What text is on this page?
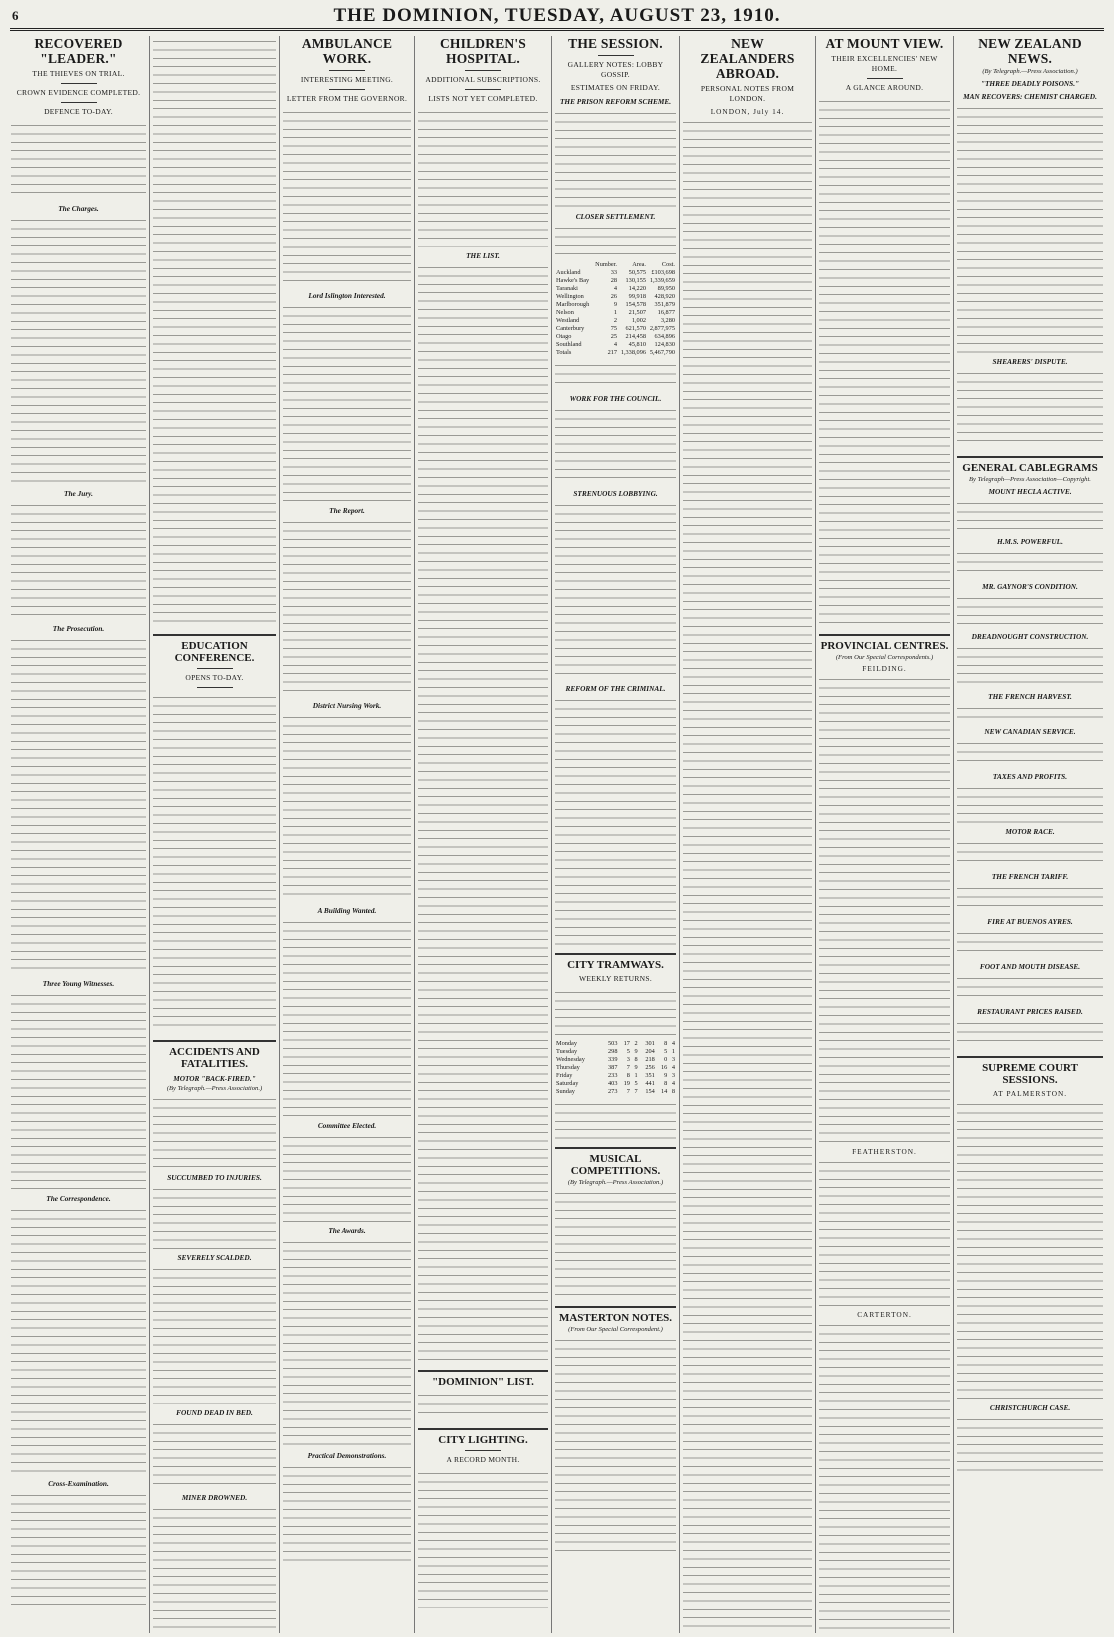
6	THE DOMINION, TUESDAY, AUGUST 23, 1910.
RECOVERED "LEADER."
THE THIEVES ON TRIAL.
CROWN EVIDENCE COMPLETED.
DEFENCE TO-DAY.
The Charges.
The Jury.
The Prosecution.
Three Young Witnesses.
The Correspondence.
Cross-Examination.
EDUCATION CONFERENCE.
OPENS TO-DAY.
ACCIDENTS AND FATALITIES.
MOTOR "BACK-FIRED."
(By Telegraph.—Press Association.)
SUCCUMBED TO INJURIES.
SEVERELY SCALDED.
FOUND DEAD IN BED.
MINER DROWNED.
AMBULANCE WORK.
INTERESTING MEETING.
LETTER FROM THE GOVERNOR.
Lord Islington Interested.
The Report.
District Nursing Work.
A Building Wanted.
Committee Elected.
The Awards.
Practical Demonstrations.
CHILDREN'S HOSPITAL.
ADDITIONAL SUBSCRIPTIONS.
LISTS NOT YET COMPLETED.
THE LIST.
"DOMINION" LIST.
CITY LIGHTING.
A RECORD MONTH.
THE SESSION.
GALLERY NOTES: LOBBY GOSSIP.
ESTIMATES ON FRIDAY.
THE PRISON REFORM SCHEME.
CLOSER SETTLEMENT.
	Number.	Area.	Cost.
Auckland	33	50,575	£103,698
Hawke's Bay	28	130,155	1,339,659
Taranaki	4	14,220	89,950
Wellington	26	99,918	428,920
Marlborough	9	154,578	351,879
Nelson	1	21,507	16,877
Westland	2	1,002	3,280
Canterbury	75	621,570	2,877,975
Otago	25	214,458	634,896
Southland	4	45,810	124,830
Totals	217	1,338,096	5,467,790
WORK FOR THE COUNCIL.
STRENUOUS LOBBYING.
REFORM OF THE CRIMINAL.
CITY TRAMWAYS.
WEEKLY RETURNS.
Monday	503	17	2	301	8	4
Tuesday	298	5	9	204	5	1
Wednesday	339	3	8	218	0	3
Thursday	387	7	9	256	16	4
Friday	233	8	1	351	9	3
Saturday	403	19	5	441	8	4
Sunday	273	7	7	154	14	8
MUSICAL COMPETITIONS.
(By Telegraph.—Press Association.)
MASTERTON NOTES.
(From Our Special Correspondent.)
NEW ZEALANDERS ABROAD.
PERSONAL NOTES FROM LONDON.
LONDON, July 14.
AT MOUNT VIEW.
THEIR EXCELLENCIES' NEW HOME.
A GLANCE AROUND.
PROVINCIAL CENTRES.
(From Our Special Correspondents.)
FEILDING.
FEATHERSTON.
CARTERTON.
NEW ZEALAND NEWS.
(By Telegraph.—Press Association.)
"THREE DEADLY POISONS."
MAN RECOVERS: CHEMIST CHARGED.
SHEARERS' DISPUTE.
GENERAL CABLEGRAMS
By Telegraph—Press Association—Copyright.
MOUNT HECLA ACTIVE.
H.M.S. POWERFUL.
MR. GAYNOR'S CONDITION.
DREADNOUGHT CONSTRUCTION.
THE FRENCH HARVEST.
NEW CANADIAN SERVICE.
TAXES AND PROFITS.
MOTOR RACE.
THE FRENCH TARIFF.
FIRE AT BUENOS AYRES.
FOOT AND MOUTH DISEASE.
RESTAURANT PRICES RAISED.
SUPREME COURT SESSIONS.
AT PALMERSTON.
CHRISTCHURCH CASE.
